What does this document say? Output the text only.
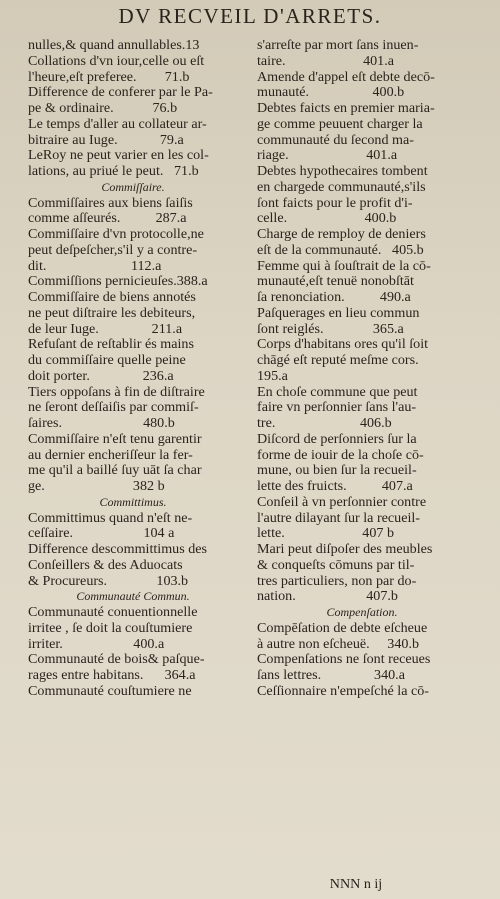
DV RECVEIL D'ARRETS.
nulles,& quand annullables.13
Collations d'vn iour,celle ou eſt
l'heure,eſt preferee.        71.b
Difference de conferer par le Pa-
pe & ordinaire.           76.b
Le temps d'aller au collateur ar-
bitraire au Iuge.            79.a
LeRoy ne peut varier en les col-
lations, au priué le peut.   71.b
Commiſſaire.
Commiſſaires aux biens ſaiſis
comme aſſeurés.          287.a
Commiſſaire d'vn protocolle,ne
peut deſpeſcher,s'il y a contre-
dit.                        112.a
Commiſſions pernicieuſes.388.a
Commiſſaire de biens annotés
ne peut diſtraire les debiteurs,
de leur Iuge.               211.a
Refuſant de reſtablir és mains
du commiſſaire quelle peine
doit porter.               236.a
Tiers oppoſans à fin de diſtraire
ne ſeront deſſaiſis par commiſ-
ſaires.                       480.b
Commiſſaire n'eſt tenu garentir
au dernier encheriſſeur la fer-
me qu'il a baillé ſuy uāt ſa char
ge.                         382 b
Committimus.
Committimus quand n'eſt ne-
ceſſaire.                    104 a
Difference descommittimus des
Conſeillers & des Aduocats
& Procureurs.              103.b
Communauté Commun.
Communauté conuentionnelle
irritee , ſe doit la couſtumiere
irriter.                    400.a
Communauté de bois& paſque-
rages entre habitans.      364.a
Communauté couſtumiere ne
s'arreſte par mort ſans inuen-
taire.                      401.a
Amende d'appel eſt debte decō-
munauté.                  400.b
Debtes faicts en premier maria-
ge comme peuuent charger la
communauté du ſecond ma-
riage.                      401.a
Debtes hypothecaires tombent
en chargede communauté,s'ils
ſont faicts pour le profit d'i-
celle.                      400.b
Charge de remploy de deniers
eſt de la communauté.   405.b
Femme qui à ſouſtrait de la cō-
munauté,eſt tenuë nonobſtāt
ſa renonciation.          490.a
Paſquerages en lieu commun
ſont reiglés.              365.a
Corps d'habitans ores qu'il ſoit
chāgé eſt reputé meſme cors.
195.a
En choſe commune que peut
faire vn perſonnier ſans l'au-
tre.                        406.b
Diſcord de perſonniers ſur la
forme de iouir de la choſe cō-
mune, ou bien ſur la recueil-
lette des fruicts.          407.a
Conſeil à vn perſonnier contre
l'autre dilayant ſur la recueil-
lette.                      407 b
Mari peut diſpoſer des meubles
& conqueſts cōmuns par til-
tres particuliers, non par do-
nation.                    407.b
Compenſation.
Compēſation de debte eſcheue
à autre non eſcheuë.     340.b
Compenſations ne ſont receues
ſans lettres.               340.a
Ceſſionnaire n'empeſché la cō-
NNN n ij
